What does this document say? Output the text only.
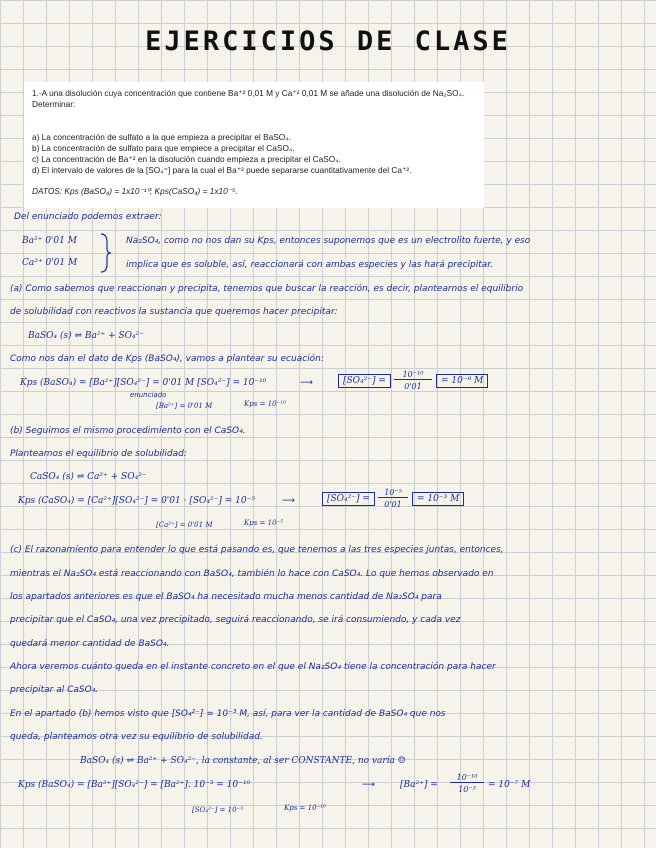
EJERCICIOS DE CLASE

1.-A una disolución cuya concentración que contiene Ba⁺² 0,01 M y Ca⁺² 0,01 M se añade una disolución de Na₂SO₄. Determinar:

a) La concentración de sulfato a la que empieza a precipitar el BaSO₄.

b) La concentración de sulfato para que empiece a precipitar el CaSO₄.

c) La concentración de Ba⁺² en la disolución cuando empieza a precipitar el CaSO₄.

d) El intervalo de valores de la [SO₄⁼] para la cual el Ba⁺² puede separarse cuantitativamente del Ca⁺².

DATOS: Kps (BaSO₄) = 1x10⁻¹⁰; Kps(CaSO₄) = 1x10⁻⁵.

Del enunciado podemos extraer:

Ba²⁺ 0'01 M

Ca²⁺ 0'01 M

Na₂SO₄, como no nos dan su Kps, entonces suponemos que es un electrolito fuerte, y eso

implica que es soluble, así, reaccionará con ambas especies y las hará precipitar.

(a) Como sabemos que reaccionan y precipita, tenemos que buscar la reacción, es decir, plantearnos el equilibrio

de solubilidad con reactivos la sustancia que queremos hacer precipitar:

BaSO₄ (s) ⇌ Ba²⁺ + SO₄²⁻

Como nos dan el dato de Kps (BaSO₄), vamos a plantear su ecuación:

Kps (BaSO₄) = [Ba²⁺][SO₄²⁻] = 0'01 M [SO₄²⁻] = 10⁻¹⁰

enunciado

[Ba²⁺] = 0'01 M	Kps = 10⁻¹⁰

⟶	[SO₄²⁻] =

10⁻¹⁰
0'01

= 10⁻⁸ M

(b) Seguimos el mismo procedimiento con el CaSO₄.

Planteamos el equilibrio de solubilidad:

CaSO₄ (s) ⇌ Ca²⁺ + SO₄²⁻

Kps (CaSO₄) = [Ca²⁺][SO₄²⁻] = 0'01 · [SO₄²⁻] = 10⁻⁵

[Ca²⁺] = 0'01 M	Kps = 10⁻⁵

⟶	[SO₄²⁻] =

10⁻⁵
0'01

= 10⁻³ M

(c) El razonamiento para entender lo que está pasando es, que tenemos a las tres especies juntas, entonces,

mientras el Na₂SO₄ está reaccionando con BaSO₄, también lo hace con CaSO₄. Lo que hemos observado en

los apartados anteriores es que el BaSO₄ ha necesitado mucha menos cantidad de Na₂SO₄ para

precipitar que el CaSO₄, una vez precipitado, seguirá reaccionando, se irá consumiendo, y cada vez

quedará menor cantidad de BaSO₄.

Ahora veremos cuánto queda en el instante concreto en el que el Na₂SO₄ tiene la concentración para hacer

precipitar al CaSO₄.

En el apartado (b) hemos visto que [SO₄²⁻] = 10⁻³ M, así, para ver la cantidad de BaSO₄ que nos

queda, planteamos otra vez su equilibrio de solubilidad.

BaSO₄ (s) ⇌ Ba²⁺ + SO₄²⁻, la constante, al ser CONSTANTE, no varía ☺

Kps (BaSO₄) = [Ba²⁺][SO₄²⁻] = [Ba²⁺]. 10⁻³ = 10⁻¹⁰	⟶	[Ba²⁺] =

10⁻¹⁰
10⁻³	= 10⁻⁷ M

[SO₄²⁻] = 10⁻³	Kps = 10⁻¹⁰
